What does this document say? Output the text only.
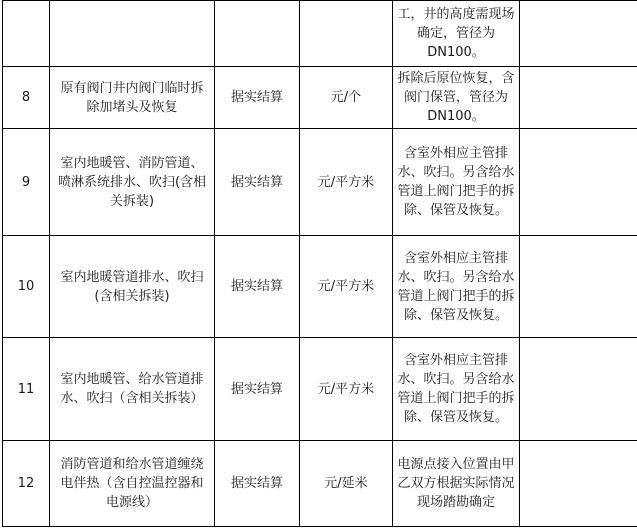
				工，井的高度需现场确定，管径为DN100。	

8	原有阀门井内阀门临时拆除加堵头及恢复	据实结算	元/个	拆除后原位恢复，含阀门保管，管径为DN100。	

9	室内地暖管、消防管道、喷淋系统排水、吹扫(含相关拆装)	据实结算	元/平方米	含室外相应主管排水、吹扫。另含给水管道上阀门把手的拆除、保管及恢复。	

10	室内地暖管道排水、吹扫(含相关拆装)	据实结算	元/平方米	含室外相应主管排水、吹扫。另含给水管道上阀门把手的拆除、保管及恢复。	

11	室内地暖管、给水管道排水、吹扫（含相关拆装）	据实结算	元/平方米	含室外相应主管排水、吹扫。另含给水管道上阀门把手的拆除、保管及恢复。	

12	消防管道和给水管道缠绕电伴热（含自控温控器和电源线）	据实结算	元/延米	电源点接入位置由甲乙双方根据实际情况现场踏勘确定	
